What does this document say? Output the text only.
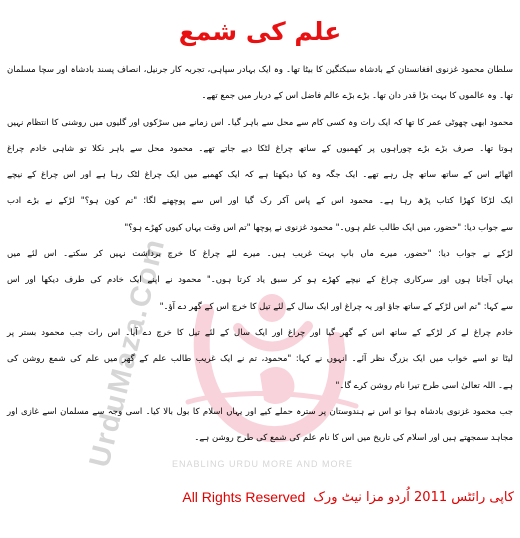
UrduMaza.Com ENABLING URDU MORE AND MORE
علم کی شمع
سلطان محمود غزنوی افغانستان کے بادشاہ سبکتگین کا بیٹا تھا۔ وہ ایک بہادر سپاہی، تجربہ کار جرنیل، انصاف پسند بادشاہ اور سچا مسلمان
تھا۔ وہ عالموں کا بہت بڑا قدر دان تھا۔ بڑے بڑے عالم فاضل اس کے دربار میں جمع تھے۔
محمود ابھی چھوٹی عمر کا تھا کہ ایک رات وہ کسی کام سے محل سے باہر گیا۔ اس زمانے میں سڑکوں اور گلیوں میں روشنی کا انتظام نہیں
ہوتا تھا۔ صرف بڑے بڑے چوراہوں پر کھمبوں کے ساتھ چراغ لٹکا دیے جاتے تھے۔ محمود محل سے باہر نکلا تو شاہی خادم چراغ
اٹھائے اس کے ساتھ ساتھ چل رہے تھے۔ ایک جگہ وہ کیا دیکھتا ہے کہ ایک کھمبے میں ایک چراغ لٹک رہا ہے اور اس چراغ کے نیچے
ایک لڑکا کھڑا کتاب پڑھ رہا ہے۔ محمود اس کے پاس آکر رک گیا اور اس سے پوچھنے لگا: "تم کون ہو؟" لڑکے نے بڑے ادب
سے جواب دیا: "حضور، میں ایک طالب علم ہوں۔" محمود غزنوی نے پوچھا "تم اس وقت یہاں کیوں کھڑے ہو؟"
لڑکے نے جواب دیا: "حضور، میرے ماں باپ بہت غریب ہیں۔ میرے لئے چراغ کا خرچ برداشت نہیں کر سکتے۔ اس لئے میں
یہاں آجاتا ہوں اور سرکاری چراغ کے نیچے کھڑے ہو کر سبق یاد کرتا ہوں۔" محمود نے اپنے ایک خادم کی طرف دیکھا اور اس
سے کہا: "تم اس لڑکے کے ساتھ جاؤ اور یہ چراغ اور ایک سال کے لئے تیل کا خرچ اس کے گھر دے آؤ۔"
خادم چراغ لے کر لڑکے کے ساتھ اس کے گھر گیا اور چراغ اور ایک سال کے لئے تیل کا خرچ دے آیا۔ اس رات جب محمود بستر پر
لیٹا تو اسے خواب میں ایک بزرگ نظر آئے۔ انہوں نے کہا: "محمود، تم نے ایک غریب طالب علم کے گھر میں علم کی شمع روشن کی
ہے۔ اللہ تعالیٰ اسی طرح تیرا نام روشن کرے گا۔"
جب محمود غزنوی بادشاہ ہوا تو اس نے ہندوستان پر سترہ حملے کیے اور یہاں اسلام کا بول بالا کیا۔ اسی وجہ سے مسلمان اسے غازی اور
مجاہد سمجھتے ہیں اور اسلام کی تاریخ میں اس کا نام علم کی شمع کی طرح روشن ہے۔
کاپی رائٹس 2011 اُردو مزا نیٹ ورک
All Rights Reserved
